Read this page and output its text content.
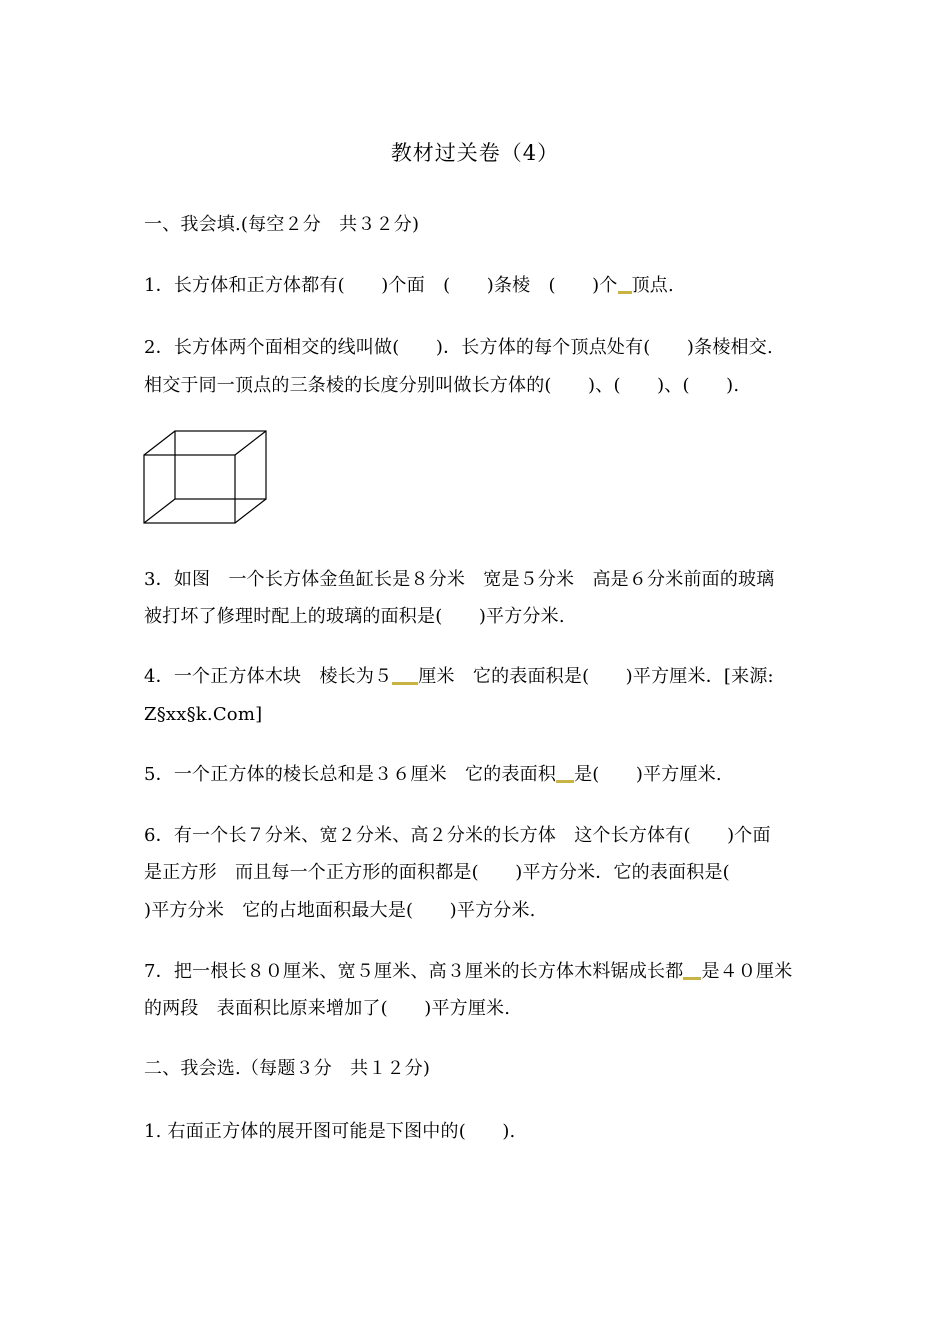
教材过关卷（4）
一、我会填.(每空２分　共３２分)
1．长方体和正方体都有(　　)个面　(　　)条棱　(　　)个 顶点.
2．长方体两个面相交的线叫做(　　)．长方体的每个顶点处有(　　)条棱相交.
相交于同一顶点的三条棱的长度分别叫做长方体的(　　)、(　　)、(　　).
3．如图　一个长方体金鱼缸长是８分米　宽是５分米　高是６分米前面的玻璃
被打坏了修理时配上的玻璃的面积是(　　)平方分米.
4．一个正方体木块　棱长为５ 厘米　它的表面积是(　　)平方厘米．[来源:
Z§xx§k.Com]
5．一个正方体的棱长总和是３６厘米　它的表面积 是(　　)平方厘米.
6．有一个长７分米、宽２分米、高２分米的长方体　这个长方体有(　　)个面
是正方形　而且每一个正方形的面积都是(　　)平方分米．它的表面积是(
)平方分米　它的占地面积最大是(　　)平方分米.
7．把一根长８０厘米、宽５厘米、高３厘米的长方体木料锯成长都 是４０厘米
的两段　表面积比原来增加了(　　)平方厘米.
二、我会选.（每题３分　共１２分)
1. 右面正方体的展开图可能是下图中的(　　).
